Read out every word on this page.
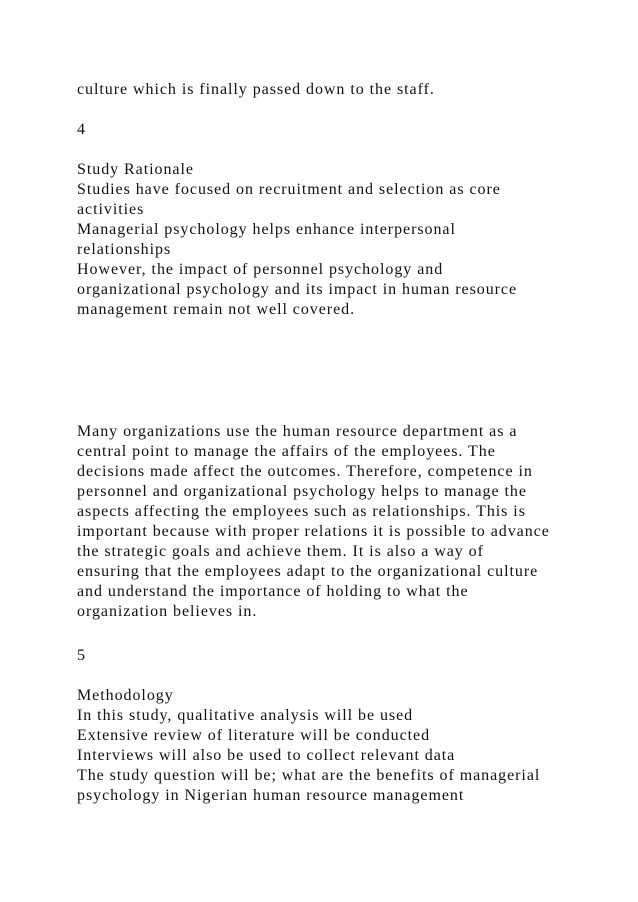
culture which is finally passed down to the staff.

4

Study Rationale

Studies have focused on recruitment and selection as core

activities

Managerial psychology helps enhance interpersonal

relationships

However, the impact of personnel psychology and

organizational psychology and its impact in human resource

management remain not well covered.

Many organizations use the human resource department as a

central point to manage the affairs of the employees. The

decisions made affect the outcomes. Therefore, competence in

personnel and organizational psychology helps to manage the

aspects affecting the employees such as relationships. This is

important because with proper relations it is possible to advance

the strategic goals and achieve them. It is also a way of

ensuring that the employees adapt to the organizational culture

and understand the importance of holding to what the

organization believes in.

5

Methodology

In this study, qualitative analysis will be used

Extensive review of literature will be conducted

Interviews will also be used to collect relevant data

The study question will be; what are the benefits of managerial

psychology in Nigerian human resource management
